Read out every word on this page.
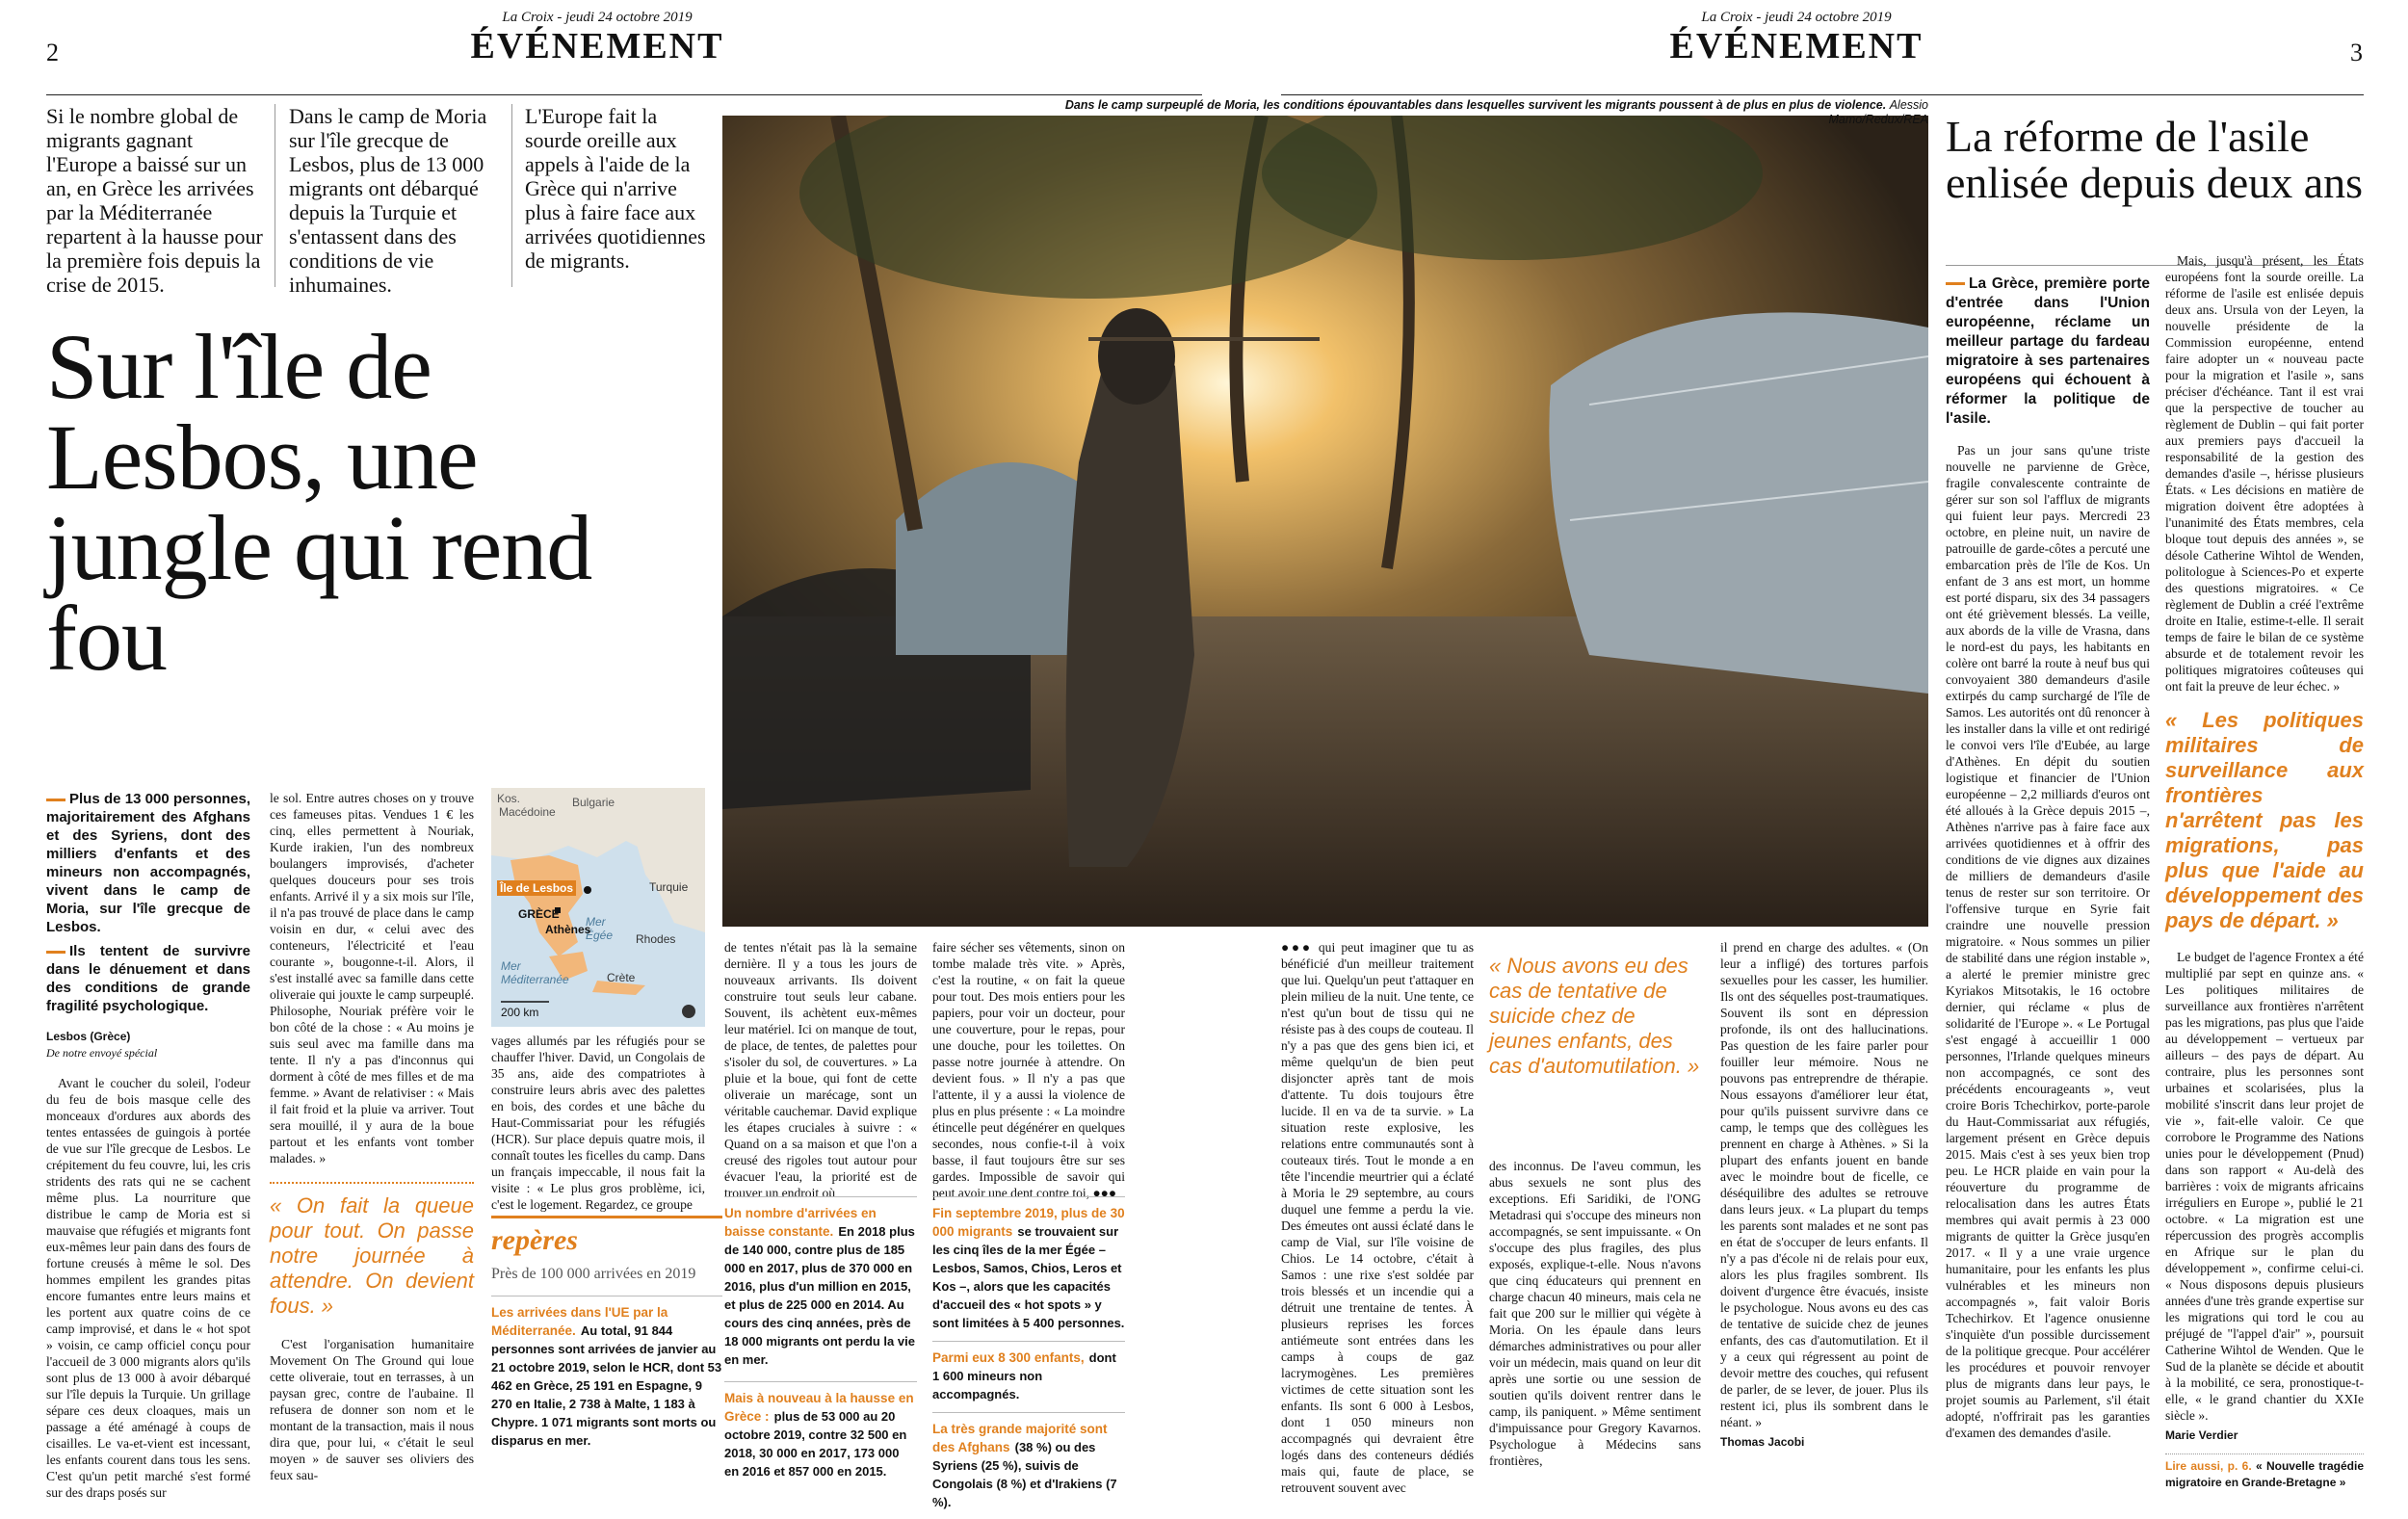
2
La Croix - jeudi 24 octobre 2019
ÉVÉNEMENT	3
La Croix - jeudi 24 octobre 2019
ÉVÉNEMENT
Si le nombre global de migrants gagnant l'Europe a baissé sur un an, en Grèce les arrivées par la Méditerranée repartent à la hausse pour la première fois depuis la crise de 2015.
Dans le camp de Moria sur l'île grecque de Lesbos, plus de 13 000 migrants ont débarqué depuis la Turquie et s'entassent dans des conditions de vie inhumaines.
L'Europe fait la sourde oreille aux appels à l'aide de la Grèce qui n'arrive plus à faire face aux arrivées quotidiennes de migrants.
Sur l'île de Lesbos, une jungle qui rend fou
Plus de 13 000 personnes, majoritairement des Afghans et des Syriens, dont des milliers d'enfants et des mineurs non accompagnés, vivent dans le camp de Moria, sur l'île grecque de Lesbos.
Ils tentent de survivre dans le dénuement et dans des conditions de grande fragilité psychologique.
Lesbos (Grèce)
De notre envoyé spécial

Avant le coucher du soleil, l'odeur du feu de bois masque celle des monceaux d'ordures aux abords des tentes entassées de guingois à portée de vue sur l'île grecque de Lesbos. Le crépitement du feu couvre, lui, les cris stridents des rats qui ne se cachent même plus. La nourriture que distribue le camp de Moria est si mauvaise que réfugiés et migrants font eux-mêmes leur pain dans des fours de fortune creusés à même le sol. Des hommes empilent les grandes pitas encore fumantes entre leurs mains et les portent aux quatre coins de ce camp improvisé, et dans le « hot spot » voisin, ce camp officiel conçu pour l'accueil de 3 000 migrants alors qu'ils sont plus de 13 000 à avoir débarqué sur l'île depuis la Turquie. Un grillage sépare ces deux cloaques, mais un passage a été aménagé à coups de cisailles. Le va-et-vient est incessant, les enfants courent dans tous les sens. C'est qu'un petit marché s'est formé sur des draps posés sur

le sol. Entre autres choses on y trouve ces fameuses pitas. Vendues 1 € les cinq, elles permettent à Nouriak, Kurde irakien, l'un des nombreux boulangers improvisés, d'acheter quelques douceurs pour ses trois enfants. Arrivé il y a six mois sur l'île, il n'a pas trouvé de place dans le camp voisin en dur, « celui avec des conteneurs, l'électricité et l'eau courante », bougonne-t-il. Alors, il s'est installé avec sa famille dans cette oliveraie qui jouxte le camp surpeuplé. Philosophe, Nouriak préfère voir le bon côté de la chose : « Au moins je suis seul avec ma famille dans ma tente. Il n'y a pas d'inconnus qui dorment à côté de mes filles et de ma femme. » Avant de relativiser : « Mais il fait froid et la pluie va arriver. Tout sera mouillé, il y aura de la boue partout et les enfants vont tomber malades. »

« On fait la queue pour tout. On passe notre journée à attendre. On devient fous. »

C'est l'organisation humanitaire Movement On The Ground qui loue cette oliveraie, tout en terrasses, à un paysan grec, contre de l'aubaine. Il refusera de donner son nom et le montant de la transaction, mais il nous dira que, pour lui, « c'était le seul moyen » de sauver ses oliviers des feux sau-

Kos.
Macédoine
Bulgarie
Île de Lesbos	Turquie
GRÈCE
Mer Égée
Athènes
Rhodes
Mer Méditerranée	Crète
200 km

vages allumés par les réfugiés pour se chauffer l'hiver. David, un Congolais de 35 ans, aide des compatriotes à construire leurs abris avec des palettes en bois, des cordes et une bâche du Haut-Commissariat pour les réfugiés (HCR). Sur place depuis quatre mois, il connaît toutes les ficelles du camp. Dans un français impeccable, il nous fait la visite : « Le plus gros problème, ici, c'est le logement. Regardez, ce groupe

de tentes n'était pas là la semaine dernière. Il y a tous les jours de nouveaux arrivants. Ils doivent construire tout seuls leur cabane. Souvent, ils achètent eux-mêmes leur matériel. Ici on manque de tout, de place, de tentes, de palettes pour s'isoler du sol, de couvertures. » La pluie et la boue, qui font de cette oliveraie un marécage, sont un véritable cauchemar. David explique les étapes cruciales à suivre : « Quand on a sa maison et que l'on a creusé des rigoles tout autour pour évacuer l'eau, la priorité est de trouver un endroit où

faire sécher ses vêtements, sinon on tombe malade très vite. » Après, c'est la routine, « on fait la queue pour tout. Des mois entiers pour les papiers, pour voir un docteur, pour une couverture, pour le repas, pour une douche, pour les toilettes. On passe notre journée à attendre. On devient fous. » Il n'y a pas que l'attente, il y a aussi la violence de plus en plus présente : « La moindre étincelle peut dégénérer en quelques secondes, nous confie-t-il à voix basse, il faut toujours être sur ses gardes. Impossible de savoir qui peut avoir une dent contre toi, ●●●

repères
Près de 100 000 arrivées en 2019
Les arrivées dans l'UE par la Méditerranée. Au total, 91 844 personnes sont arrivées de janvier au 21 octobre 2019, selon le HCR, dont 53 462 en Grèce, 25 191 en Espagne, 9 270 en Italie, 2 738 à Malte, 1 183 à Chypre. 1 071 migrants sont morts ou disparus en mer.
Un nombre d'arrivées en baisse constante. En 2018 plus de 140 000, contre plus de 185 000 en 2017, plus de 370 000 en 2016, plus d'un million en 2015, et plus de 225 000 en 2014. Au cours des cinq années, près de 18 000 migrants ont perdu la vie en mer.
Mais à nouveau à la hausse en Grèce : plus de 53 000 au 20 octobre 2019, contre 32 500 en 2018, 30 000 en 2017, 173 000 en 2016 et 857 000 en 2015.
Fin septembre 2019, plus de 30 000 migrants se trouvaient sur les cinq îles de la mer Égée – Lesbos, Samos, Chios, Leros et Kos –, alors que les capacités d'accueil des « hot spots » y sont limitées à 5 400 personnes.
Parmi eux 8 300 enfants, dont 1 600 mineurs non accompagnés.
La très grande majorité sont des Afghans (38 %) ou des Syriens (25 %), suivis de Congolais (8 %) et d'Irakiens (7 %).
Dans le camp surpeuplé de Moria, les conditions épouvantables dans lesquelles survivent les migrants poussent à de plus en plus de violence. Alessio Mamo/Redux/REA

●●● qui peut imaginer que tu as bénéficié d'un meilleur traitement que lui. Quelqu'un peut t'attaquer en plein milieu de la nuit. Une tente, ce n'est qu'un bout de tissu qui ne résiste pas à des coups de couteau. Il n'y a pas que des gens bien ici, et même quelqu'un de bien peut disjoncter après tant de mois d'attente. Tu dois toujours être lucide. Il en va de ta survie. » La situation reste explosive, les relations entre communautés sont à couteaux tirés. Tout le monde a en tête l'incendie meurtrier qui a éclaté à Moria le 29 septembre, au cours duquel une femme a perdu la vie. Des émeutes ont aussi éclaté dans le camp de Vial, sur l'île voisine de Chios. Le 14 octobre, c'était à Samos : une rixe s'est soldée par trois blessés et un incendie qui a détruit une trentaine de tentes. À plusieurs reprises les forces antiémeute sont entrées dans les camps à coups de gaz lacrymogènes. Les premières victimes de cette situation sont les enfants. Ils sont 6 000 à Lesbos, dont 1 050 mineurs non accompagnés qui devraient être logés dans des conteneurs dédiés mais qui, faute de place, se retrouvent souvent avec

« Nous avons eu des cas de tentative de suicide chez de jeunes enfants, des cas d'automutilation. »

des inconnus. De l'aveu commun, les abus sexuels ne sont plus des exceptions. Efi Saridiki, de l'ONG Metadrasi qui s'occupe des mineurs non accompagnés, se sent impuissante. « On s'occupe des plus fragiles, des plus exposés, explique-t-elle. Nous n'avons que cinq éducateurs qui prennent en charge chacun 40 mineurs, mais cela ne fait que 200 sur le millier qui végète à Moria. On les épaule dans leurs démarches administratives ou pour aller voir un médecin, mais quand on leur dit après une sortie ou une session de soutien qu'ils doivent rentrer dans le camp, ils paniquent. » Même sentiment d'impuissance pour Gregory Kavarnos. Psychologue à Médecins sans frontières,

il prend en charge des adultes. « (On leur a infligé) des tortures parfois sexuelles pour les casser, les humilier. Ils ont des séquelles post-traumatiques. Souvent ils sont en dépression profonde, ils ont des hallucinations. Pas question de les faire parler pour fouiller leur mémoire. Nous ne pouvons pas entreprendre de thérapie. Nous essayons d'améliorer leur état, pour qu'ils puissent survivre dans ce camp, le temps que des collègues les prennent en charge à Athènes. » Si la plupart des enfants jouent en bande avec le moindre bout de ficelle, ce déséquilibre des adultes se retrouve dans leurs jeux. « La plupart du temps les parents sont malades et ne sont pas en état de s'occuper de leurs enfants. Il n'y a pas d'école ni de relais pour eux, alors les plus fragiles sombrent. Ils doivent d'urgence être évacués, insiste le psychologue. Nous avons eu des cas de tentative de suicide chez de jeunes enfants, des cas d'automutilation. Et il y a ceux qui régressent au point de devoir mettre des couches, qui refusent de parler, de se lever, de jouer. Plus ils restent ici, plus ils sombrent dans le néant. »

Thomas Jacobi
La réforme de l'asile enlisée depuis deux ans
La Grèce, première porte d'entrée dans l'Union européenne, réclame un meilleur partage du fardeau migratoire à ses partenaires européens qui échouent à réformer la politique de l'asile.

Pas un jour sans qu'une triste nouvelle ne parvienne de Grèce, fragile convalescente contrainte de gérer sur son sol l'afflux de migrants qui fuient leur pays. Mercredi 23 octobre, en pleine nuit, un navire de patrouille de garde-côtes a percuté une embarcation près de l'île de Kos. Un enfant de 3 ans est mort, un homme est porté disparu, six des 34 passagers ont été grièvement blessés. La veille, aux abords de la ville de Vrasna, dans le nord-est du pays, les habitants en colère ont barré la route à neuf bus qui convoyaient 380 demandeurs d'asile extirpés du camp surchargé de l'île de Samos. Les autorités ont dû renoncer à les installer dans la ville et ont redirigé le convoi vers l'île d'Eubée, au large d'Athènes. En dépit du soutien logistique et financier de l'Union européenne – 2,2 milliards d'euros ont été alloués à la Grèce depuis 2015 –, Athènes n'arrive pas à faire face aux arrivées quotidiennes et à offrir des conditions de vie dignes aux dizaines de milliers de demandeurs d'asile tenus de rester sur son territoire. Or l'offensive turque en Syrie fait craindre une nouvelle pression migratoire. « Nous sommes un pilier de stabilité dans une région instable », a alerté le premier ministre grec Kyriakos Mitsotakis, le 16 octobre dernier, qui réclame « plus de solidarité de l'Europe ». « Le Portugal s'est engagé à accueillir 1 000 personnes, l'Irlande quelques mineurs non accompagnés, ce sont des précédents encourageants », veut croire Boris Tchechirkov, porte-parole du Haut-Commissariat aux réfugiés, largement présent en Grèce depuis 2015. Mais c'est à ses yeux bien trop peu. Le HCR plaide en vain pour la réouverture du programme de relocalisation dans les autres États membres qui avait permis à 23 000 migrants de quitter la Grèce jusqu'en 2017. « Il y a une vraie urgence humanitaire, pour les enfants les plus vulnérables et les mineurs non accompagnés », fait valoir Boris Tchechirkov. Et l'agence onusienne s'inquiète d'un possible durcissement de la politique grecque. Pour accélérer les procédures et pouvoir renvoyer plus de migrants dans leur pays, le projet soumis au Parlement, s'il était adopté, n'offrirait pas les garanties d'examen des demandes d'asile.

Mais, jusqu'à présent, les États européens font la sourde oreille. La réforme de l'asile est enlisée depuis deux ans. Ursula von der Leyen, la nouvelle présidente de la Commission européenne, entend faire adopter un « nouveau pacte pour la migration et l'asile », sans préciser d'échéance. Tant il est vrai que la perspective de toucher au règlement de Dublin – qui fait porter aux premiers pays d'accueil la responsabilité de la gestion des demandes d'asile –, hérisse plusieurs États. « Les décisions en matière de migration doivent être adoptées à l'unanimité des États membres, cela bloque tout depuis des années », se désole Catherine Wihtol de Wenden, politologue à Sciences-Po et experte des questions migratoires. « Ce règlement de Dublin a créé l'extrême droite en Italie, estime-t-elle. Il serait temps de faire le bilan de ce système absurde et de totalement revoir les politiques migratoires coûteuses qui ont fait la preuve de leur échec. »

« Les politiques militaires de surveillance aux frontières n'arrêtent pas les migrations, pas plus que l'aide au développement des pays de départ. »

Le budget de l'agence Frontex a été multiplié par sept en quinze ans. « Les politiques militaires de surveillance aux frontières n'arrêtent pas les migrations, pas plus que l'aide au développement – vertueux par ailleurs – des pays de départ. Au contraire, plus les personnes sont urbaines et scolarisées, plus la mobilité s'inscrit dans leur projet de vie », fait-elle valoir. Ce que corrobore le Programme des Nations unies pour le développement (Pnud) dans son rapport « Au-delà des barrières : voix de migrants africains irréguliers en Europe », publié le 21 octobre. « La migration est une répercussion des progrès accomplis en Afrique sur le plan du développement », confirme celui-ci. « Nous disposons depuis plusieurs années d'une très grande expertise sur les migrations qui tord le cou au préjugé de "l'appel d'air" », poursuit Catherine Wihtol de Wenden. Que le Sud de la planète se décide et aboutit à la mobilité, ce sera, pronostique-t-elle, « le grand chantier du XXIe siècle ».

Marie Verdier
Lire aussi, p. 6. « Nouvelle tragédie migratoire en Grande-Bretagne »
